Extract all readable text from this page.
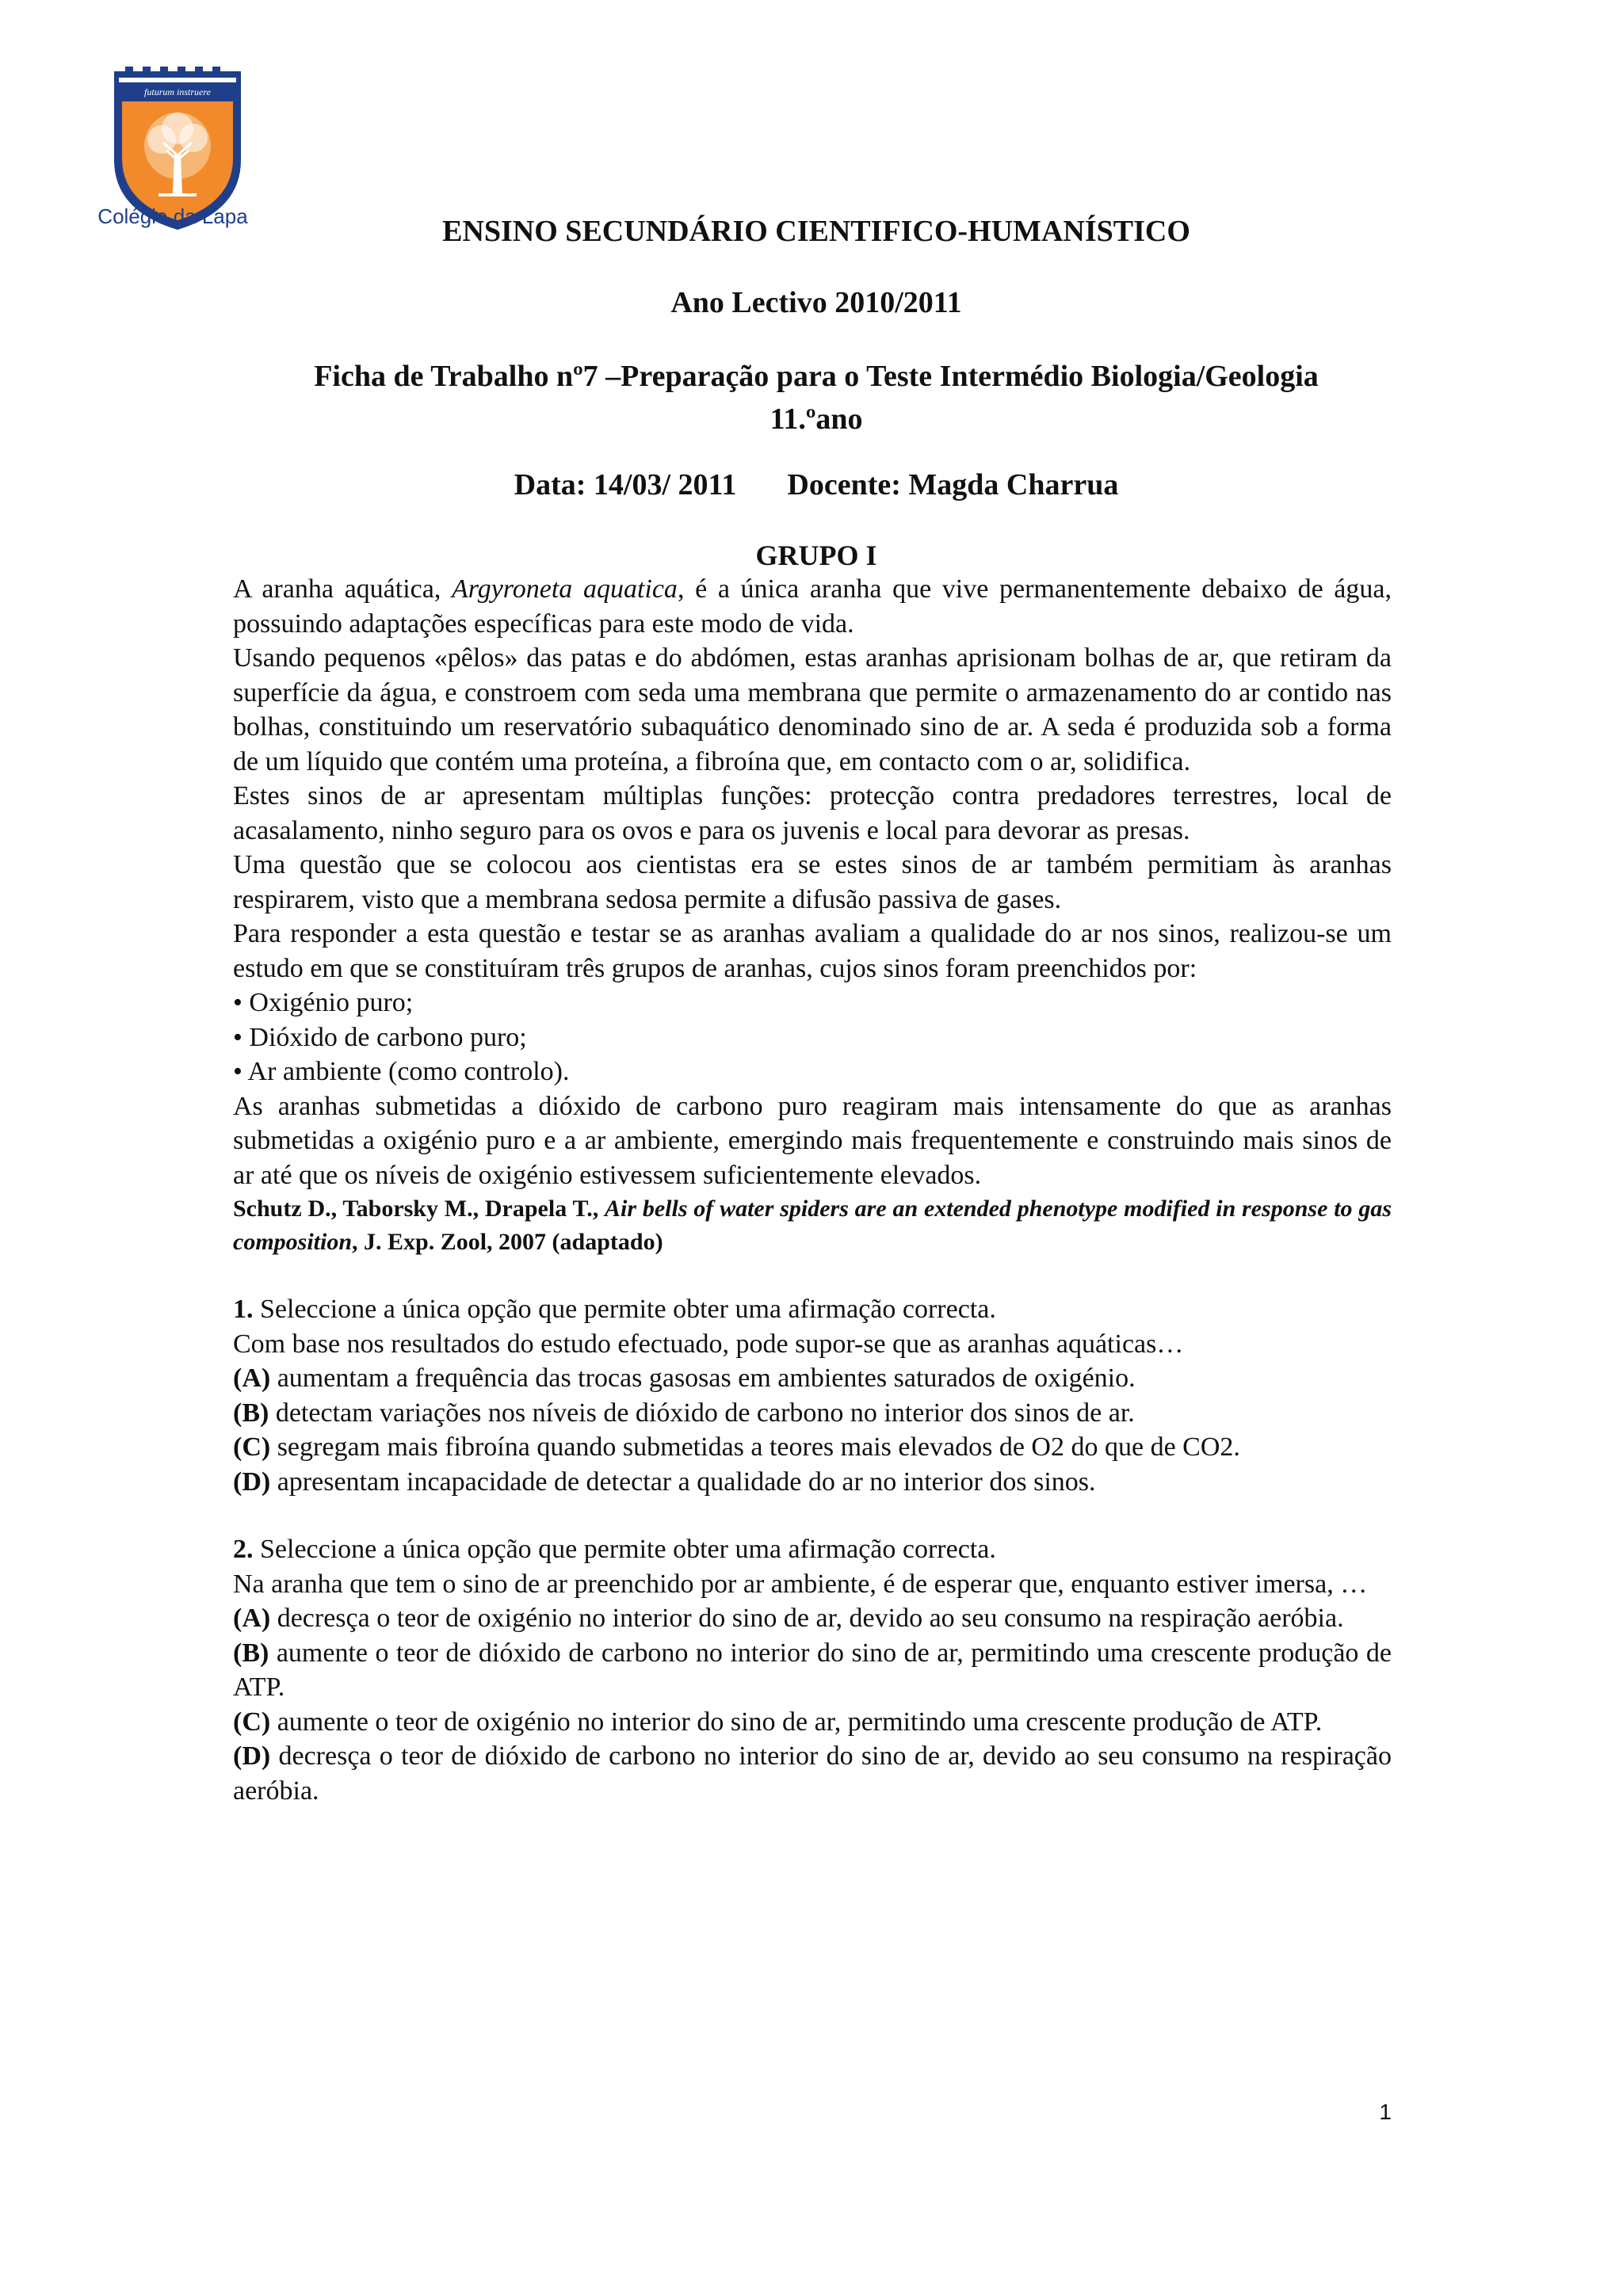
futurum instruere
Colégio da Lapa	ENSINO SECUNDÁRIO CIENTIFICO-HUMANÍSTICO
Ano Lectivo 2010/2011
Ficha de Trabalho nº7 –Preparação para o Teste Intermédio Biologia/Geologia
11.ºano
Data: 14/03/ 2011 Docente: Magda Charrua
GRUPO I

A aranha aquática, Argyroneta aquatica, é a única aranha que vive permanentemente debaixo de água, possuindo adaptações específicas para este modo de vida.

Usando pequenos «pêlos» das patas e do abdómen, estas aranhas aprisionam bolhas de ar, que retiram da superfície da água, e constroem com seda uma membrana que permite o armazenamento do ar contido nas bolhas, constituindo um reservatório subaquático denominado sino de ar. A seda é produzida sob a forma de um líquido que contém uma proteína, a fibroína que, em contacto com o ar, solidifica.

Estes sinos de ar apresentam múltiplas funções: protecção contra predadores terrestres, local de acasalamento, ninho seguro para os ovos e para os juvenis e local para devorar as presas.

Uma questão que se colocou aos cientistas era se estes sinos de ar também permitiam às aranhas respirarem, visto que a membrana sedosa permite a difusão passiva de gases.

Para responder a esta questão e testar se as aranhas avaliam a qualidade do ar nos sinos, realizou-se um estudo em que se constituíram três grupos de aranhas, cujos sinos foram preenchidos por:

• Oxigénio puro;

• Dióxido de carbono puro;

• Ar ambiente (como controlo).

As aranhas submetidas a dióxido de carbono puro reagiram mais intensamente do que as aranhas submetidas a oxigénio puro e a ar ambiente, emergindo mais frequentemente e construindo mais sinos de ar até que os níveis de oxigénio estivessem suficientemente elevados.

Schutz D., Taborsky M., Drapela T., Air bells of water spiders are an extended phenotype modified in response to gas composition, J. Exp. Zool, 2007 (adaptado)

1. Seleccione a única opção que permite obter uma afirmação correcta.

Com base nos resultados do estudo efectuado, pode supor-se que as aranhas aquáticas…

(A) aumentam a frequência das trocas gasosas em ambientes saturados de oxigénio.

(B) detectam variações nos níveis de dióxido de carbono no interior dos sinos de ar.

(C) segregam mais fibroína quando submetidas a teores mais elevados de O2 do que de CO2.

(D) apresentam incapacidade de detectar a qualidade do ar no interior dos sinos.

2. Seleccione a única opção que permite obter uma afirmação correcta.

Na aranha que tem o sino de ar preenchido por ar ambiente, é de esperar que, enquanto estiver imersa, …

(A) decresça o teor de oxigénio no interior do sino de ar, devido ao seu consumo na respiração aeróbia.

(B) aumente o teor de dióxido de carbono no interior do sino de ar, permitindo uma crescente produção de ATP.

(C) aumente o teor de oxigénio no interior do sino de ar, permitindo uma crescente produção de ATP.

(D) decresça o teor de dióxido de carbono no interior do sino de ar, devido ao seu consumo na respiração aeróbia.

1
